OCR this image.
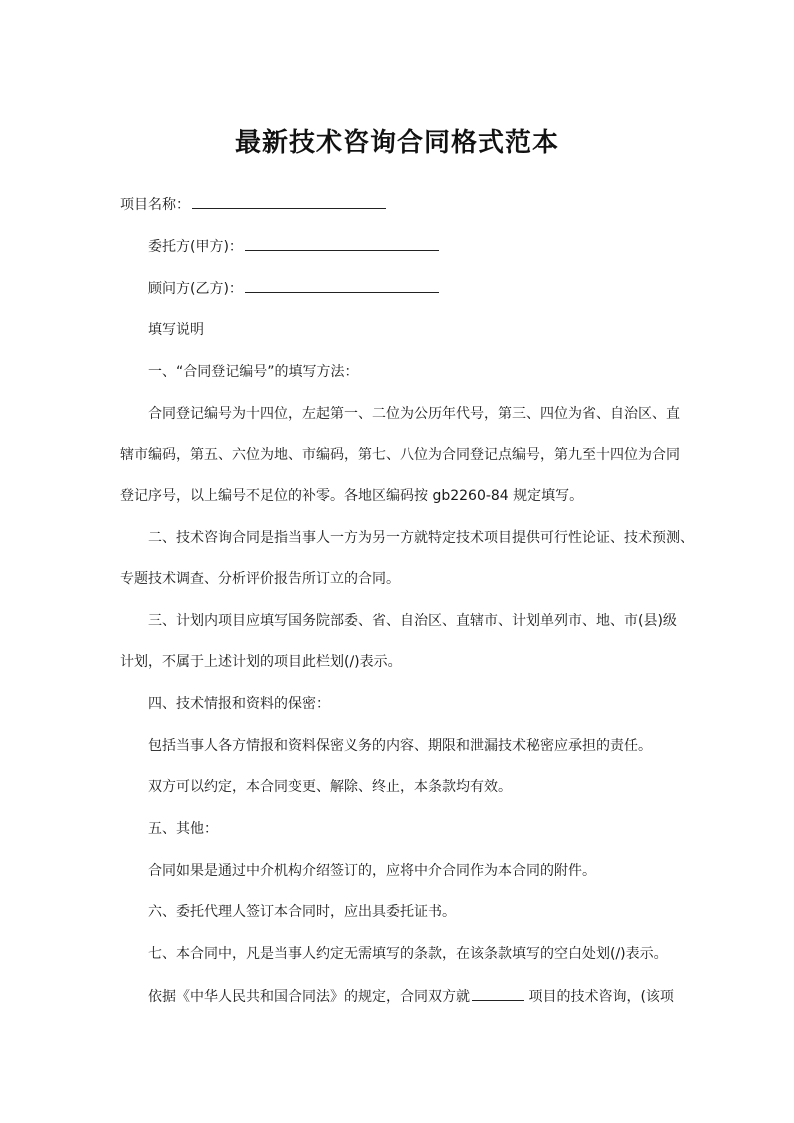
最新技术咨询合同格式范本
项目名称：
委托方(甲方)：
顾问方(乙方)：
填写说明
一、“合同登记编号”的填写方法：
合同登记编号为十四位，左起第一、二位为公历年代号，第三、四位为省、自治区、直
辖市编码，第五、六位为地、市编码，第七、八位为合同登记点编号，第九至十四位为合同
登记序号，以上编号不足位的补零。各地区编码按 gb2260-84 规定填写。
二、技术咨询合同是指当事人一方为另一方就特定技术项目提供可行性论证、技术预测、
专题技术调查、分析评价报告所订立的合同。
三、计划内项目应填写国务院部委、省、自治区、直辖市、计划单列市、地、市(县)级
计划，不属于上述计划的项目此栏划(/)表示。
四、技术情报和资料的保密：
包括当事人各方情报和资料保密义务的内容、期限和泄漏技术秘密应承担的责任。
双方可以约定，本合同变更、解除、终止，本条款均有效。
五、其他：
合同如果是通过中介机构介绍签订的，应将中介合同作为本合同的附件。
六、委托代理人签订本合同时，应出具委托证书。
七、本合同中，凡是当事人约定无需填写的条款，在该条款填写的空白处划(/)表示。
依据《中华人民共和国合同法》的规定，合同双方就	项目的技术咨询，(该项
